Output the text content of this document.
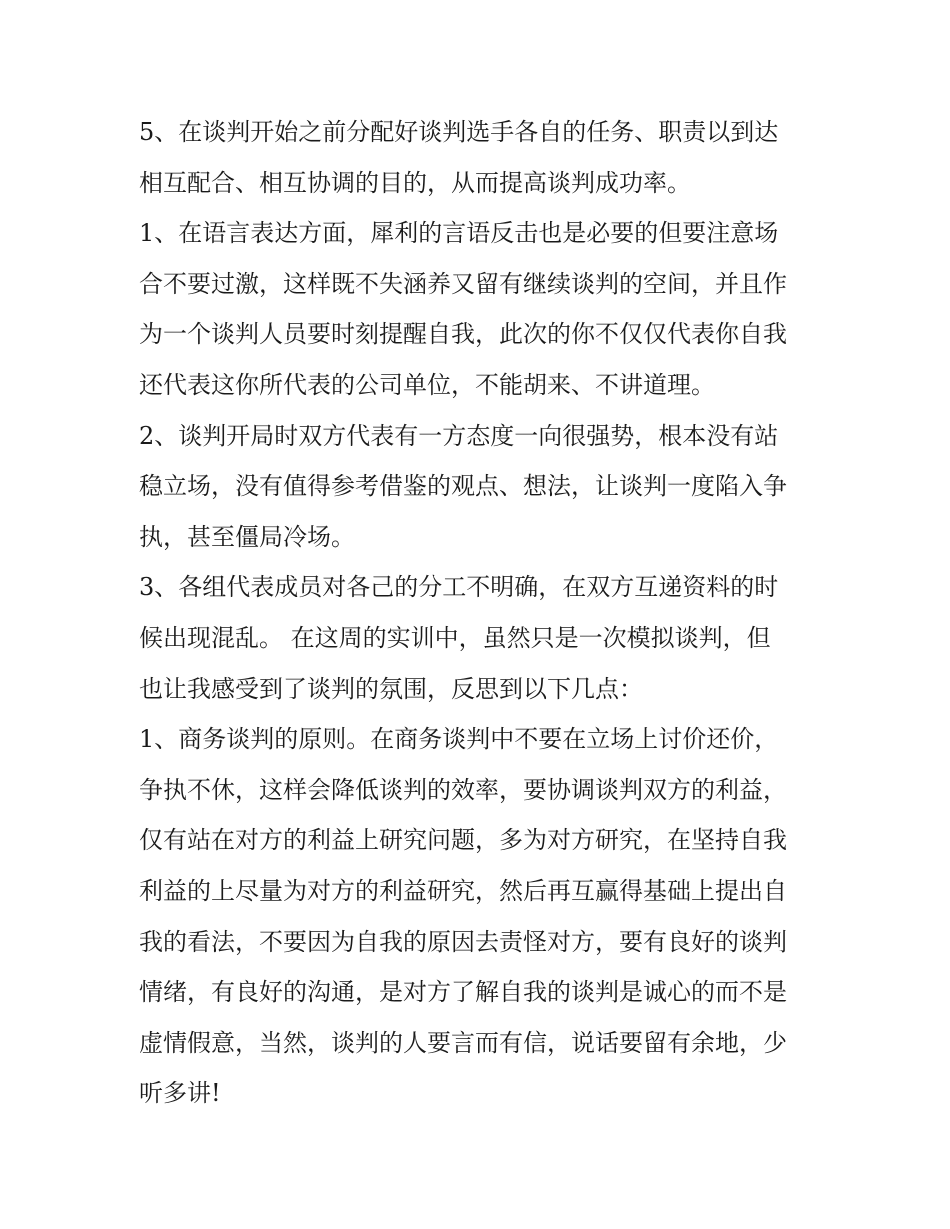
5、在谈判开始之前分配好谈判选手各自的任务、职责以到达

相互配合、相互协调的目的，从而提高谈判成功率。

1、在语言表达方面，犀利的言语反击也是必要的但要注意场

合不要过激，这样既不失涵养又留有继续谈判的空间，并且作

为一个谈判人员要时刻提醒自我，此次的你不仅仅代表你自我

还代表这你所代表的公司单位，不能胡来、不讲道理。

2、谈判开局时双方代表有一方态度一向很强势，根本没有站

稳立场，没有值得参考借鉴的观点、想法，让谈判一度陷入争

执，甚至僵局冷场。

3、各组代表成员对各己的分工不明确，在双方互递资料的时

候出现混乱。 在这周的实训中，虽然只是一次模拟谈判，但

也让我感受到了谈判的氛围，反思到以下几点：

1、商务谈判的原则。在商务谈判中不要在立场上讨价还价，

争执不休，这样会降低谈判的效率，要协调谈判双方的利益，

仅有站在对方的利益上研究问题，多为对方研究，在坚持自我

利益的上尽量为对方的利益研究，然后再互赢得基础上提出自

我的看法，不要因为自我的原因去责怪对方，要有良好的谈判

情绪，有良好的沟通，是对方了解自我的谈判是诚心的而不是

虚情假意，当然，谈判的人要言而有信，说话要留有余地，少

听多讲!
